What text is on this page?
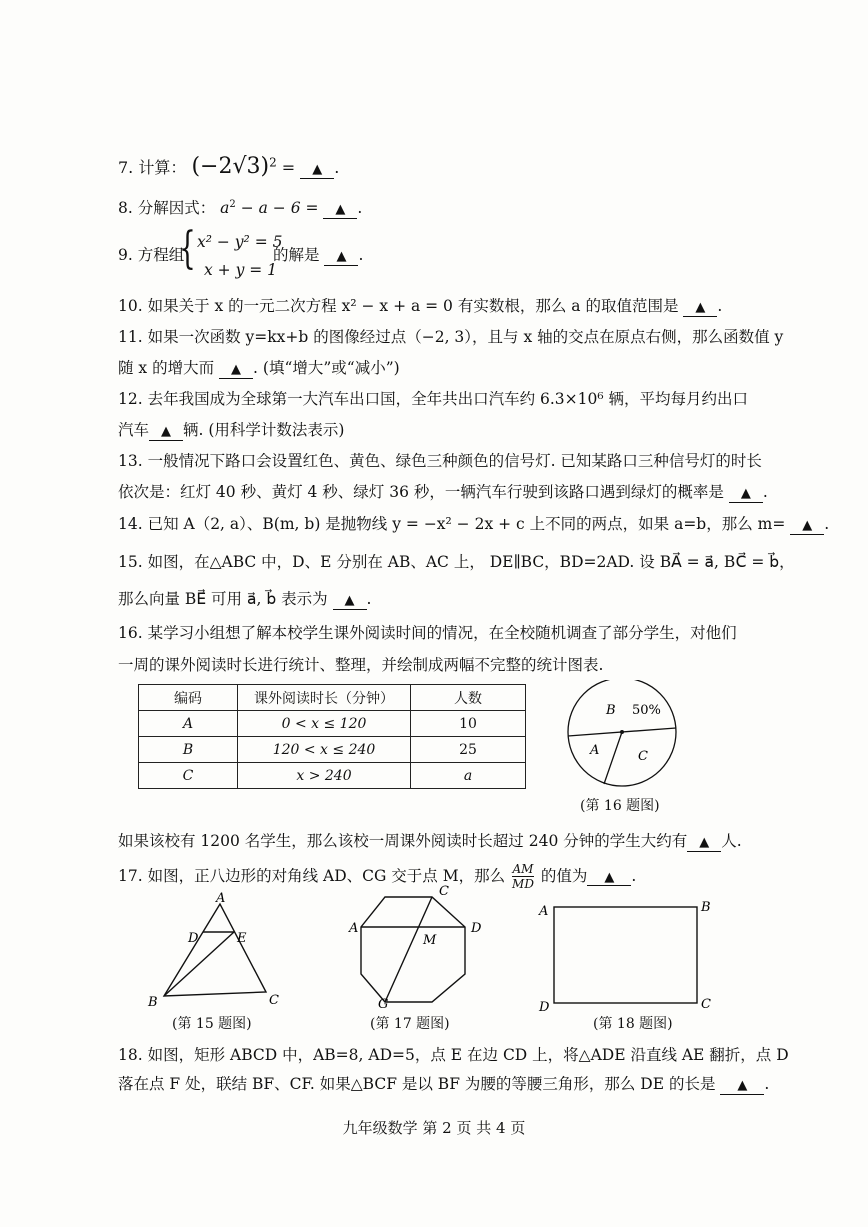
7. 计算： $(-2√3)^2$ = ▲ .
8. 分解因式： $a^2 - a - 6$ = ▲ .
9. 方程组
{ x² − y² = 5
x + y = 1
的解是 ▲ .
10. 如果关于 x 的一元二次方程 x² − x + a = 0 有实数根，那么 a 的取值范围是 ▲ .
11. 如果一次函数 y=kx+b 的图像经过点（−2, 3），且与 x 轴的交点在原点右侧，那么函数值 y
随 x 的增大而 ▲ . (填“增大”或“减小”)
12. 去年我国成为全球第一大汽车出口国，全年共出口汽车约 6.3×10⁶ 辆，平均每月约出口
汽车 ▲ 辆. (用科学计数法表示)
13. 一般情况下路口会设置红色、黄色、绿色三种颜色的信号灯. 已知某路口三种信号灯的时长
依次是：红灯 40 秒、黄灯 4 秒、绿灯 36 秒，一辆汽车行驶到该路口遇到绿灯的概率是 ▲ .
14. 已知 A（2, a）、B(m, b) 是抛物线 y = −x² − 2x + c 上不同的两点，如果 a=b，那么 m= ▲ .
15. 如图，在△ABC 中，D、E 分别在 AB、AC 上， DE∥BC，BD=2AD. 设 BA⃗ = a⃗, BC⃗ = b⃗，
那么向量 BE⃗ 可用 a⃗, b⃗ 表示为 ▲ .
16. 某学习小组想了解本校学生课外阅读时间的情况，在全校随机调查了部分学生，对他们
一周的课外阅读时长进行统计、整理，并绘制成两幅不完整的统计图表.
编码	课外阅读时长（分钟）	人数
A	0 < x ≤ 120	10
B	120 < x ≤ 240	25
C	x > 240	a
B 50%
A	C
(第 16 题图)
如果该校有 1200 名学生，那么该校一周课外阅读时长超过 240 分钟的学生大约有 ▲ 人.
17. 如图，正八边形的对角线 AD、CG 交于点 M，那么 $\frac{AM}{MD}$ 的值为 ▲ .
A
D	E
B	C
(第 15 题图)
C
A
M
D
G
(第 17 题图)
A	B
D	C
(第 18 题图)
18. 如图，矩形 ABCD 中，AB=8, AD=5，点 E 在边 CD 上，将△ADE 沿直线 AE 翻折，点 D
落在点 F 处，联结 BF、CF. 如果△BCF 是以 BF 为腰的等腰三角形，那么 DE 的长是 ▲ .
九年级数学 第 2 页 共 4 页
